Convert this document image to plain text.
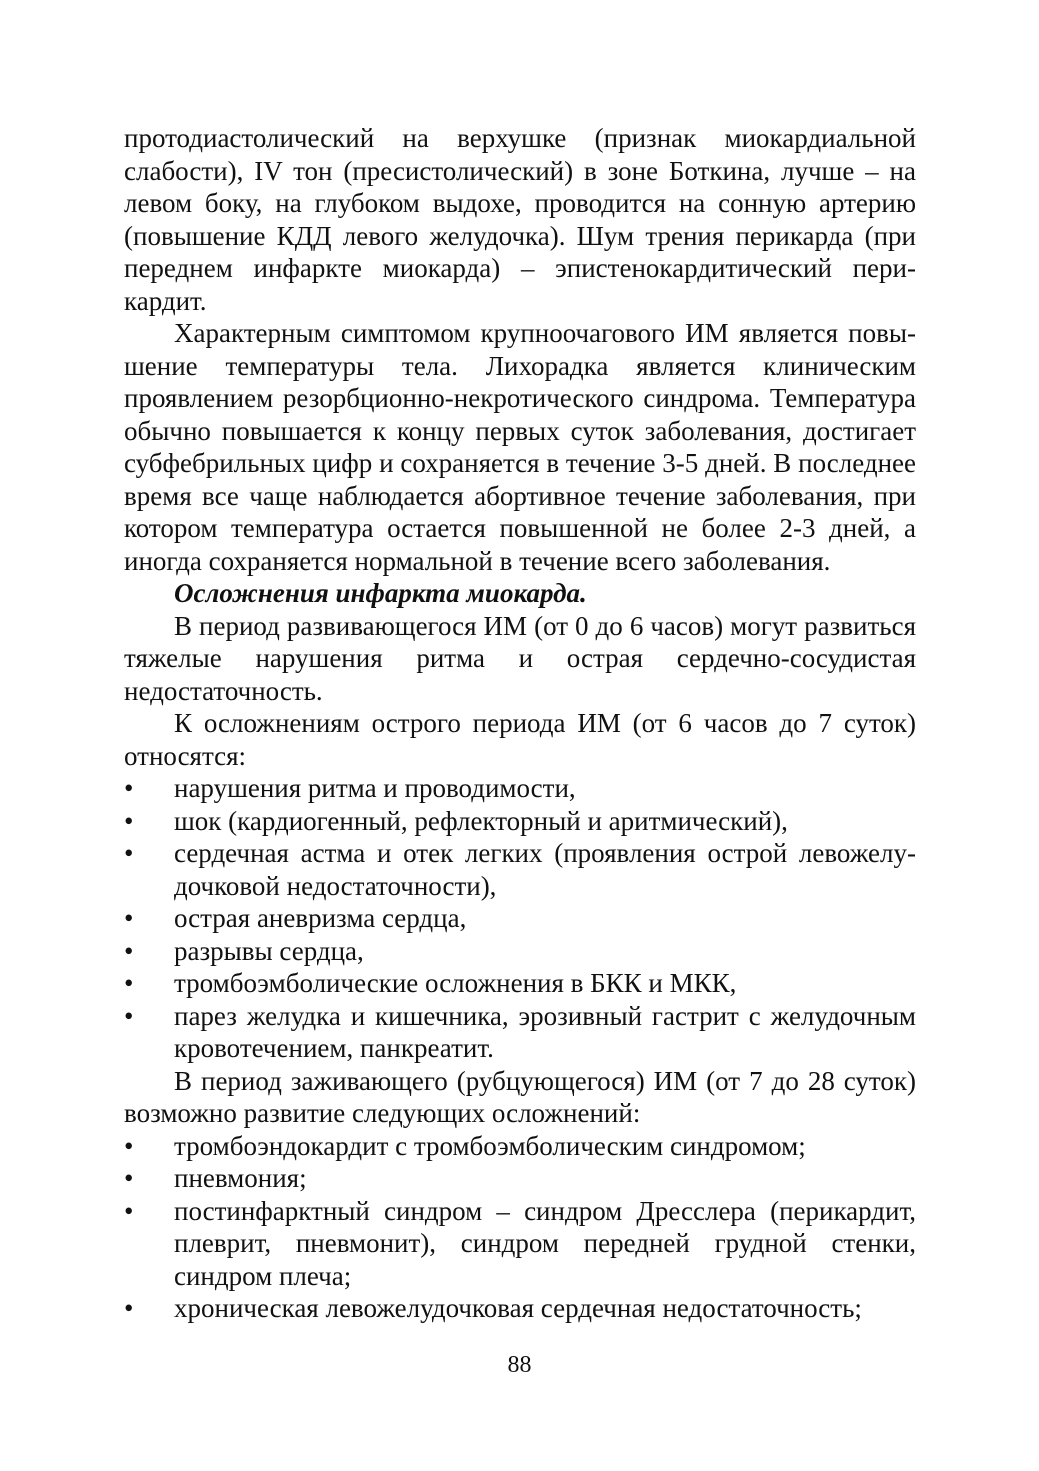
протодиастолический на верхушке (признак миокардиальной слабости), IV тон (пресистолический) в зоне Боткина, лучше – на левом боку, на глубоком выдохе, проводится на сонную артерию (повышение КДД левого желудочка). Шум трения перикарда (при переднем инфаркте миокарда) – эпистенокардитический перикардит.

Характерным симптомом крупноочагового ИМ является повышение температуры тела. Лихорадка является клиническим проявлением резорбционно-некротического синдрома. Температура обычно повышается к концу первых суток заболевания, достигает субфебрильных цифр и сохраняется в течение 3-5 дней. В последнее время все чаще наблюдается абортивное течение заболевания, при котором температура остается повышенной не более 2-3 дней, а иногда сохраняется нормальной в течение всего заболевания.

Осложнения инфаркта миокарда.

В период развивающегося ИМ (от 0 до 6 часов) могут развиться тяжелые нарушения ритма и острая сердечно-сосудистая недостаточность.

К осложнениям острого периода ИМ (от 6 часов до 7 суток) относятся:

• нарушения ритма и проводимости,
• шок (кардиогенный, рефлекторный и аритмический),
• сердечная астма и отек легких (проявления острой левожелудочковой недостаточности),
• острая аневризма сердца,
• разрывы сердца,
• тромбоэмболические осложнения в БКК и МКК,
• парез желудка и кишечника, эрозивный гастрит с желудочным кровотечением, панкреатит.

В период заживающего (рубцующегося) ИМ (от 7 до 28 суток) возможно развитие следующих осложнений:

• тромбоэндокардит с тромбоэмболическим синдромом;
• пневмония;
• постинфарктный синдром – синдром Дресслера (перикардит, плеврит, пневмонит), синдром передней грудной стенки, синдром плеча;
• хроническая левожелудочковая сердечная недостаточность;
88
